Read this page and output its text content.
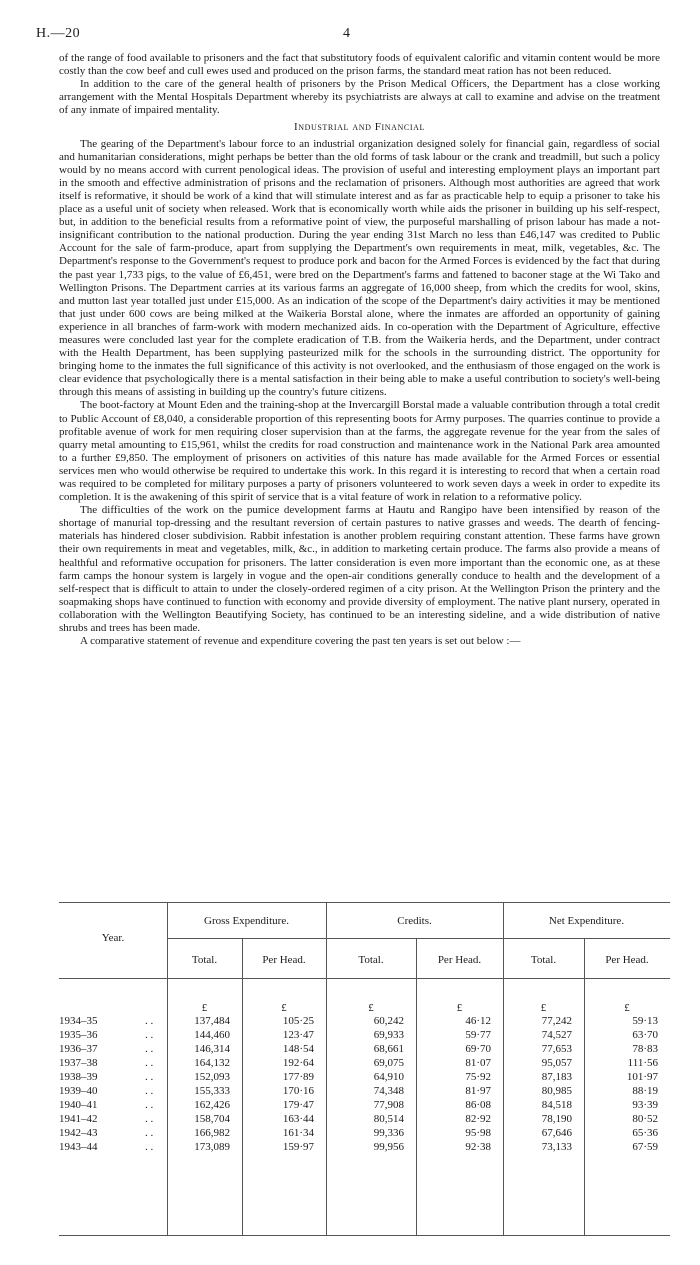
H.—20	4

of the range of food available to prisoners and the fact that substitutory foods of equivalent calorific and vitamin content would be more costly than the cow beef and cull ewes used and produced on the prison farms, the standard meat ration has not been reduced.

In addition to the care of the general health of prisoners by the Prison Medical Officers, the Department has a close working arrangement with the Mental Hospitals Department whereby its psychiatrists are always at call to examine and advise on the treatment of any inmate of impaired mentality.

Industrial and Financial

The gearing of the Department's labour force to an industrial organization designed solely for financial gain, regardless of social and humanitarian considerations, might perhaps be better than the old forms of task labour or the crank and treadmill, but such a policy would by no means accord with current penological ideas. The provision of useful and interesting employment plays an important part in the smooth and effective administration of prisons and the reclamation of prisoners. Although most authorities are agreed that work itself is reformative, it should be work of a kind that will stimulate interest and as far as practicable help to equip a prisoner to take his place as a useful unit of society when released. Work that is economically worth while aids the prisoner in building up his self-respect, but, in addition to the beneficial results from a reformative point of view, the purposeful marshalling of prison labour has made a not-insignificant contribution to the national production. During the year ending 31st March no less than £46,147 was credited to Public Account for the sale of farm-produce, apart from supplying the Department's own requirements in meat, milk, vegetables, &c. The Department's response to the Government's request to produce pork and bacon for the Armed Forces is evidenced by the fact that during the past year 1,733 pigs, to the value of £6,451, were bred on the Department's farms and fattened to baconer stage at the Wi Tako and Wellington Prisons. The Department carries at its various farms an aggregate of 16,000 sheep, from which the credits for wool, skins, and mutton last year totalled just under £15,000. As an indication of the scope of the Department's dairy activities it may be mentioned that just under 600 cows are being milked at the Waikeria Borstal alone, where the inmates are afforded an opportunity of gaining experience in all branches of farm-work with modern mechanized aids. In co-operation with the Department of Agriculture, effective measures were concluded last year for the complete eradication of T.B. from the Waikeria herds, and the Department, under contract with the Health Department, has been supplying pasteurized milk for the schools in the surrounding district. The opportunity for bringing home to the inmates the full significance of this activity is not overlooked, and the enthusiasm of those engaged on the work is clear evidence that psychologically there is a mental satisfaction in their being able to make a useful contribution to society's well-being through this means of assisting in building up the country's future citizens.

The boot-factory at Mount Eden and the training-shop at the Invercargill Borstal made a valuable contribution through a total credit to Public Account of £8,040, a considerable proportion of this representing boots for Army purposes. The quarries continue to provide a profitable avenue of work for men requiring closer supervision than at the farms, the aggregate revenue for the year from the sales of quarry metal amounting to £15,961, whilst the credits for road construction and maintenance work in the National Park area amounted to a further £9,850. The employment of prisoners on activities of this nature has made available for the Armed Forces or essential services men who would otherwise be required to undertake this work. In this regard it is interesting to record that when a certain road was required to be completed for military purposes a party of prisoners volunteered to work seven days a week in order to expedite its completion. It is the awakening of this spirit of service that is a vital feature of work in relation to a reformative policy.

The difficulties of the work on the pumice development farms at Hautu and Rangipo have been intensified by reason of the shortage of manurial top-dressing and the resultant reversion of certain pastures to native grasses and weeds. The dearth of fencing-materials has hindered closer subdivision. Rabbit infestation is another problem requiring constant attention. These farms have grown their own requirements in meat and vegetables, milk, &c., in addition to marketing certain produce. The farms also provide a means of healthful and reformative occupation for prisoners. The latter consideration is even more important than the economic one, as at these farm camps the honour system is largely in vogue and the open-air conditions generally conduce to health and the development of a self-respect that is difficult to attain to under the closely-ordered regimen of a city prison. At the Wellington Prison the printery and the soapmaking shops have continued to function with economy and provide diversity of employment. The native plant nursery, operated in collaboration with the Wellington Beautifying Society, has continued to be an interesting sideline, and a wide distribution of native shrubs and trees has been made.

A comparative statement of revenue and expenditure covering the past ten years is set out below :—

Year.
Gross Expenditure.	Credits.	Net Expenditure.
Total.	Per Head.	Total.	Per Head.	Total.	Per Head.
£	£	£	£	£	£
1934–35	. .	137,484	105·25	60,242	46·12	77,242	59·13
1935–36	. .	144,460	123·47	69,933	59·77	74,527	63·70
1936–37	. .	146,314	148·54	68,661	69·70	77,653	78·83
1937–38	. .	164,132	192·64	69,075	81·07	95,057	111·56
1938–39	. .	152,093	177·89	64,910	75·92	87,183	101·97
1939–40	. .	155,333	170·16	74,348	81·97	80,985	88·19
1940–41	. .	162,426	179·47	77,908	86·08	84,518	93·39
1941–42	. .	158,704	163·44	80,514	82·92	78,190	80·52
1942–43	. .	166,982	161·34	99,336	95·98	67,646	65·36
1943–44	. .	173,089	159·97	99,956	92·38	73,133	67·59
